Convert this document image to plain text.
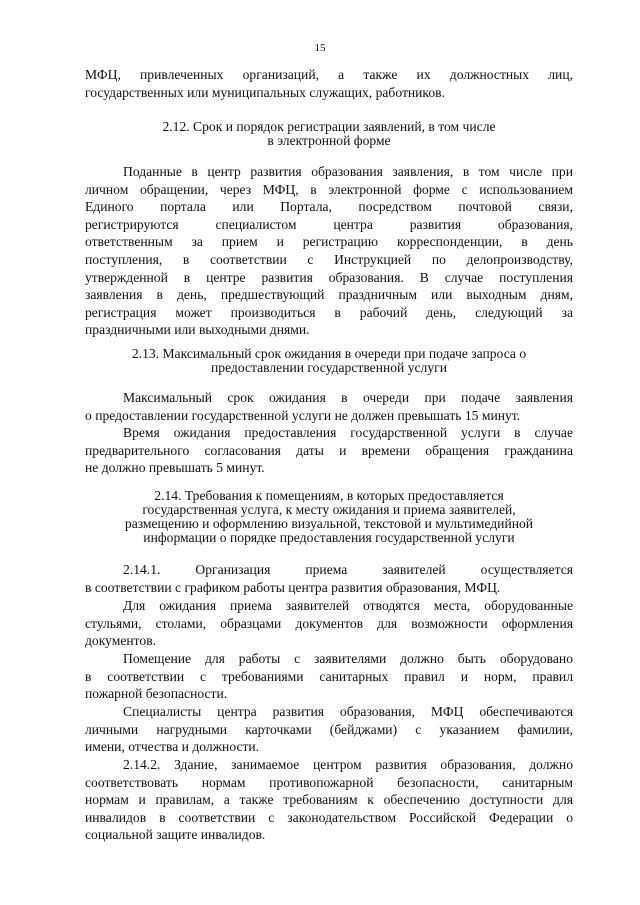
15
МФЦ, привлеченных организаций, а также их должностных лиц,
государственных или муниципальных служащих, работников.
2.12. Срок и порядок регистрации заявлений, в том числе
в электронной форме
Поданные в центр развития образования заявления, в том числе при
личном обращении, через МФЦ, в электронной форме с использованием
Единого портала или Портала, посредством почтовой связи,
регистрируются специалистом центра развития образования,
ответственным за прием и регистрацию корреспонденции, в день
поступления, в соответствии с Инструкцией по делопроизводству,
утвержденной в центре развития образования. В случае поступления
заявления в день, предшествующий праздничным или выходным дням,
регистрация может производиться в рабочий день, следующий за
праздничными или выходными днями.
2.13. Максимальный срок ожидания в очереди при подаче запроса о
предоставлении государственной услуги
Максимальный срок ожидания в очереди при подаче заявления
о предоставлении государственной услуги не должен превышать 15 минут.
Время ожидания предоставления государственной услуги в случае
предварительного согласования даты и времени обращения гражданина
не должно превышать 5 минут.
2.14. Требования к помещениям, в которых предоставляется
государственная услуга, к месту ожидания и приема заявителей,
размещению и оформлению визуальной, текстовой и мультимедийной
информации о порядке предоставления государственной услуги
2.14.1. Организация приема заявителей осуществляется
в соответствии с графиком работы центра развития образования, МФЦ.
Для ожидания приема заявителей отводятся места, оборудованные
стульями, столами, образцами документов для возможности оформления
документов.
Помещение для работы с заявителями должно быть оборудовано
в соответствии с требованиями санитарных правил и норм, правил
пожарной безопасности.
Специалисты центра развития образования, МФЦ обеспечиваются
личными нагрудными карточками (бейджами) с указанием фамилии,
имени, отчества и должности.
2.14.2. Здание, занимаемое центром развития образования, должно
соответствовать нормам противопожарной безопасности, санитарным
нормам и правилам, а также требованиям к обеспечению доступности для
инвалидов в соответствии с законодательством Российской Федерации о
социальной защите инвалидов.
